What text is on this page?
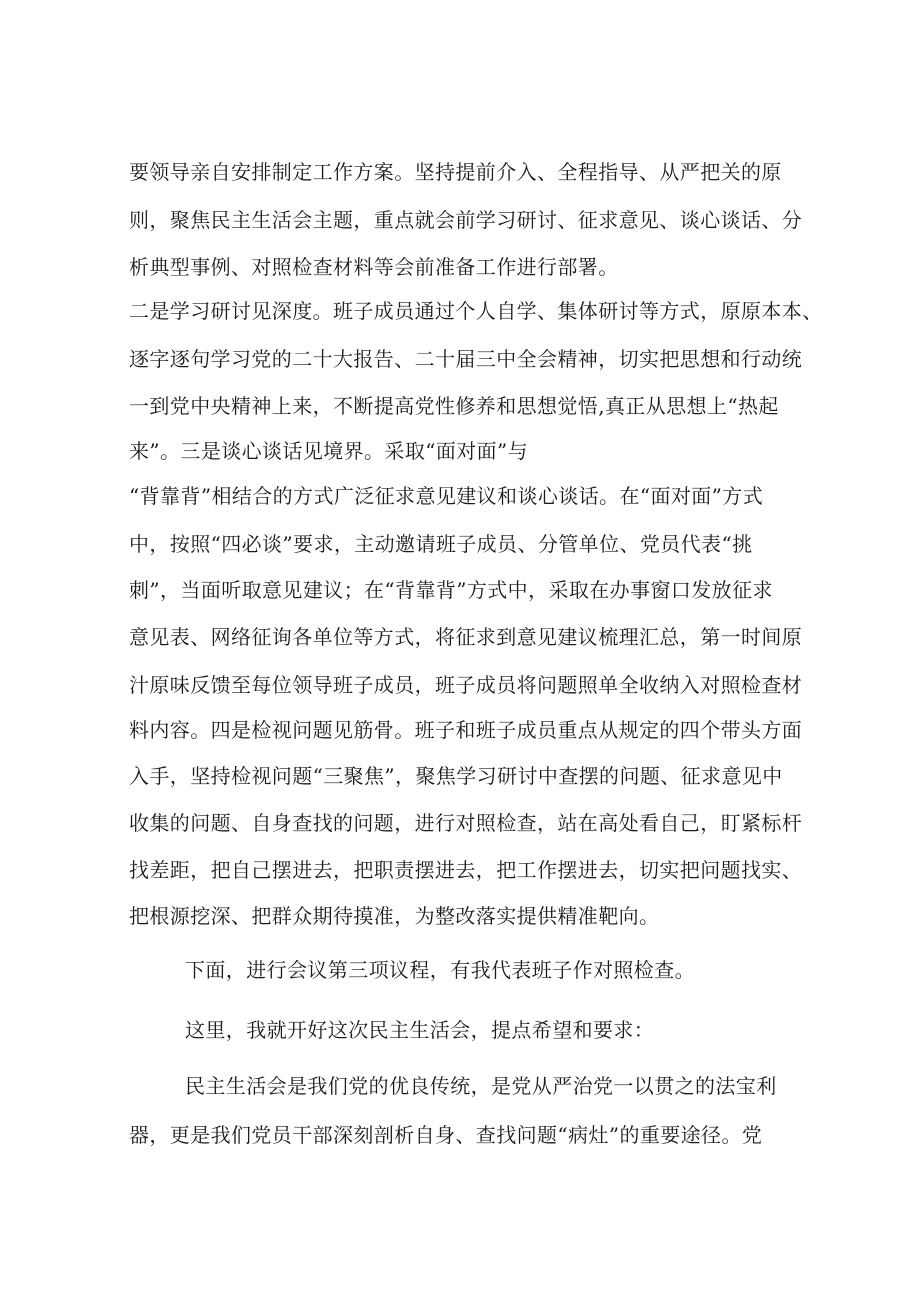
要领导亲自安排制定工作方案。坚持提前介入、全程指导、从严把关的原
则，聚焦民主生活会主题，重点就会前学习研讨、征求意见、谈心谈话、分
析典型事例、对照检查材料等会前准备工作进行部署。
二是学习研讨见深度。班子成员通过个人自学、集体研讨等方式，原原本本、
逐字逐句学习党的二十大报告、二十届三中全会精神，切实把思想和行动统
一到党中央精神上来，不断提高党性修养和思想觉悟,真正从思想上“热起
来”。三是谈心谈话见境界。采取“面对面”与
“背靠背”相结合的方式广泛征求意见建议和谈心谈话。在“面对面”方式
中，按照“四必谈”要求，主动邀请班子成员、分管单位、党员代表“挑
刺”，当面听取意见建议；在“背靠背”方式中，采取在办事窗口发放征求
意见表、网络征询各单位等方式，将征求到意见建议梳理汇总，第一时间原
汁原味反馈至每位领导班子成员，班子成员将问题照单全收纳入对照检查材
料内容。四是检视问题见筋骨。班子和班子成员重点从规定的四个带头方面
入手，坚持检视问题“三聚焦”，聚焦学习研讨中查摆的问题、征求意见中
收集的问题、自身查找的问题，进行对照检查，站在高处看自己，盯紧标杆
找差距，把自己摆进去，把职责摆进去，把工作摆进去，切实把问题找实、
把根源挖深、把群众期待摸准，为整改落实提供精准靶向。
下面，进行会议第三项议程，有我代表班子作对照检查。
这里，我就开好这次民主生活会，提点希望和要求：
民主生活会是我们党的优良传统，是党从严治党一以贯之的法宝利
器，更是我们党员干部深刻剖析自身、查找问题“病灶”的重要途径。党
